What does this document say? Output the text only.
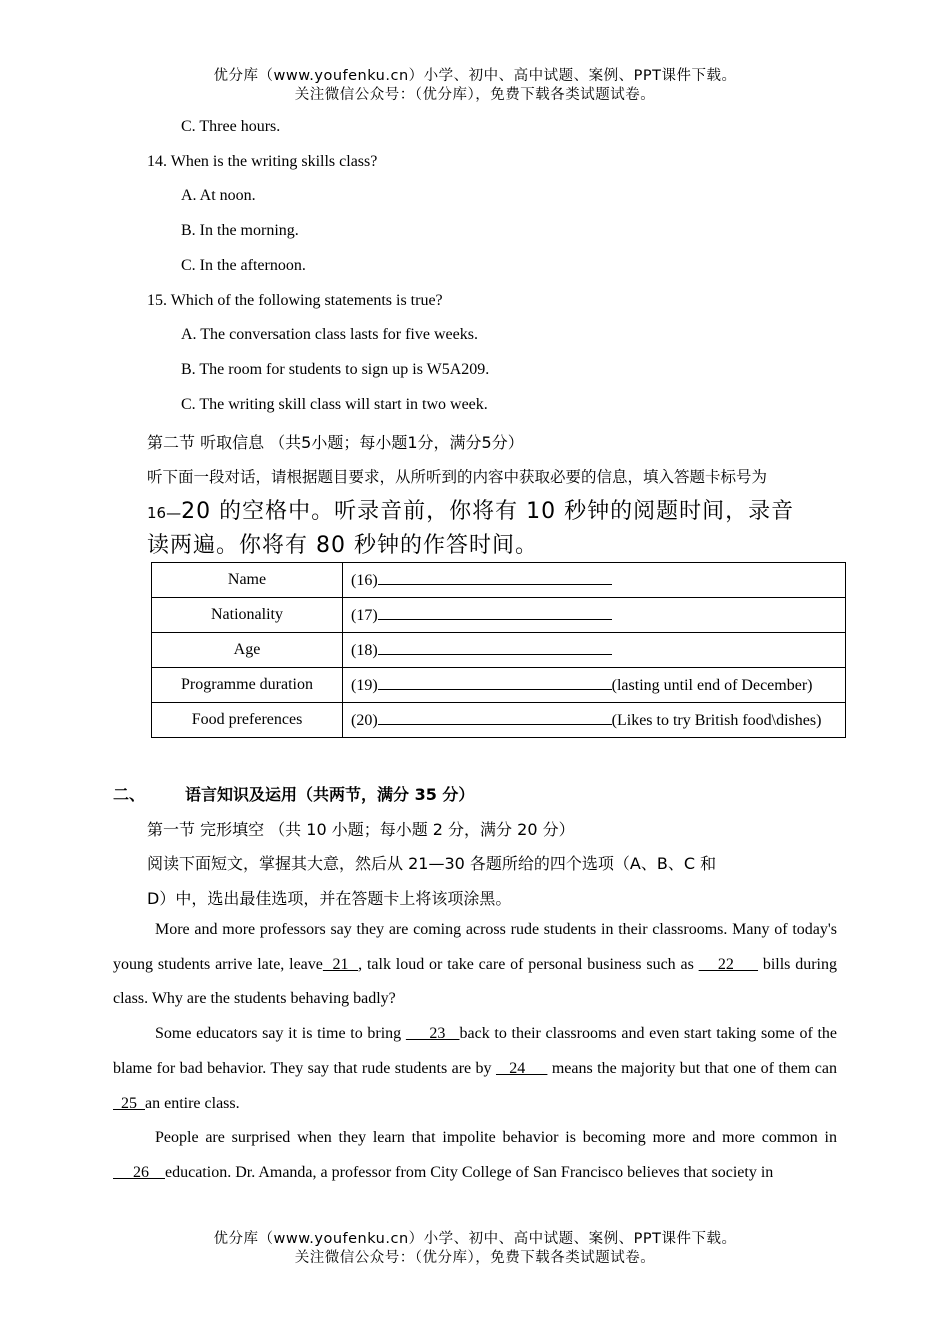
优分库（www.youfenku.cn）小学、初中、高中试题、案例、PPT课件下载。
关注微信公众号：（优分库），免费下载各类试题试卷。
C. Three hours.
14. When is the writing skills class?
A. At noon.
B. In the morning.
C. In the afternoon.
15. Which of the following statements is true?
A. The conversation class lasts for five weeks.
B. The room for students to sign up is W5A209.
C. The writing skill class will start in two week.
第二节 听取信息 （共5小题；每小题1分，满分5分）
听下面一段对话，请根据题目要求，从所听到的内容中获取必要的信息，填入答题卡标号为
16—20 的空格中。听录音前，你将有 10 秒钟的阅题时间，录音
读两遍。你将有 80 秒钟的作答时间。
Name	(16)
Nationality	(17)
Age	(18)
Programme duration	(19) (lasting until end of December)
Food preferences	(20) (Likes to try British food\dishes)
二、	语言知识及运用（共两节，满分 35 分）
第一节 完形填空 （共 10 小题；每小题 2 分，满分 20 分）
阅读下面短文，掌握其大意，然后从 21—30 各题所给的四个选项（A、B、C 和
D）中，选出最佳选项，并在答题卡上将该项涂黑。

More and more professors say they are coming across rude students in their classrooms. Many of today's young students arrive late, leave  21  , talk loud or take care of personal business such as     22      bills during class. Why are the students behaving badly?

Some educators say it is time to bring      23   back to their classrooms and even start taking some of the blame for bad behavior. They say that rude students are by    24      means the majority but that one of them can   25  an entire class.

People are surprised when they learn that impolite behavior is becoming more and more common in      26    education. Dr. Amanda, a professor from City College of San Francisco believes that society in

优分库（www.youfenku.cn）小学、初中、高中试题、案例、PPT课件下载。
关注微信公众号：（优分库），免费下载各类试题试卷。
